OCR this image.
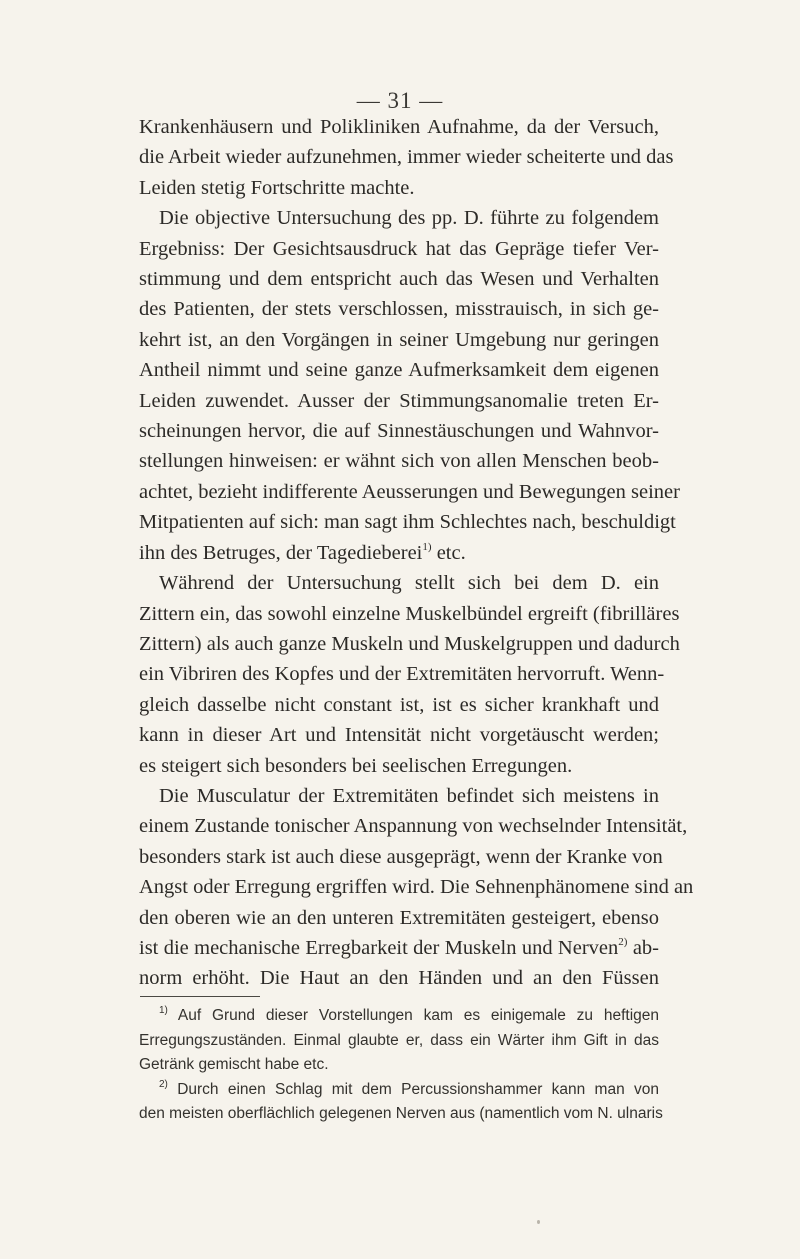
— 31 —
Krankenhäusern und Polikliniken Aufnahme, da der Versuch,
die Arbeit wieder aufzunehmen, immer wieder scheiterte und das
Leiden stetig Fortschritte machte.
Die objective Untersuchung des pp. D. führte zu folgendem
Ergebniss: Der Gesichtsausdruck hat das Gepräge tiefer Ver-
stimmung und dem entspricht auch das Wesen und Verhalten
des Patienten, der stets verschlossen, misstrauisch, in sich ge-
kehrt ist, an den Vorgängen in seiner Umgebung nur geringen
Antheil nimmt und seine ganze Aufmerksamkeit dem eigenen
Leiden zuwendet. Ausser der Stimmungsanomalie treten Er-
scheinungen hervor, die auf Sinnestäuschungen und Wahnvor-
stellungen hinweisen: er wähnt sich von allen Menschen beob-
achtet, bezieht indifferente Aeusserungen und Bewegungen seiner
Mitpatienten auf sich: man sagt ihm Schlechtes nach, beschuldigt
ihn des Betruges, der Tagedieberei$^{1)}$ etc.
Während der Untersuchung stellt sich bei dem D. ein
Zittern ein, das sowohl einzelne Muskelbündel ergreift (fibrilläres
Zittern) als auch ganze Muskeln und Muskelgruppen und dadurch
ein Vibriren des Kopfes und der Extremitäten hervorruft. Wenn-
gleich dasselbe nicht constant ist, ist es sicher krankhaft und
kann in dieser Art und Intensität nicht vorgetäuscht werden;
es steigert sich besonders bei seelischen Erregungen.
Die Musculatur der Extremitäten befindet sich meistens in
einem Zustande tonischer Anspannung von wechselnder Intensität,
besonders stark ist auch diese ausgeprägt, wenn der Kranke von
Angst oder Erregung ergriffen wird. Die Sehnenphänomene sind an
den oberen wie an den unteren Extremitäten gesteigert, ebenso
ist die mechanische Erregbarkeit der Muskeln und Nerven$^{2)}$ ab-
norm erhöht. Die Haut an den Händen und an den Füssen
$^{1)}$ Auf Grund dieser Vorstellungen kam es einigemale zu heftigen
Erregungszuständen. Einmal glaubte er, dass ein Wärter ihm Gift in das
Getränk gemischt habe etc.
$^{2)}$ Durch einen Schlag mit dem Percussionshammer kann man von
den meisten oberflächlich gelegenen Nerven aus (namentlich vom N. ulnaris
